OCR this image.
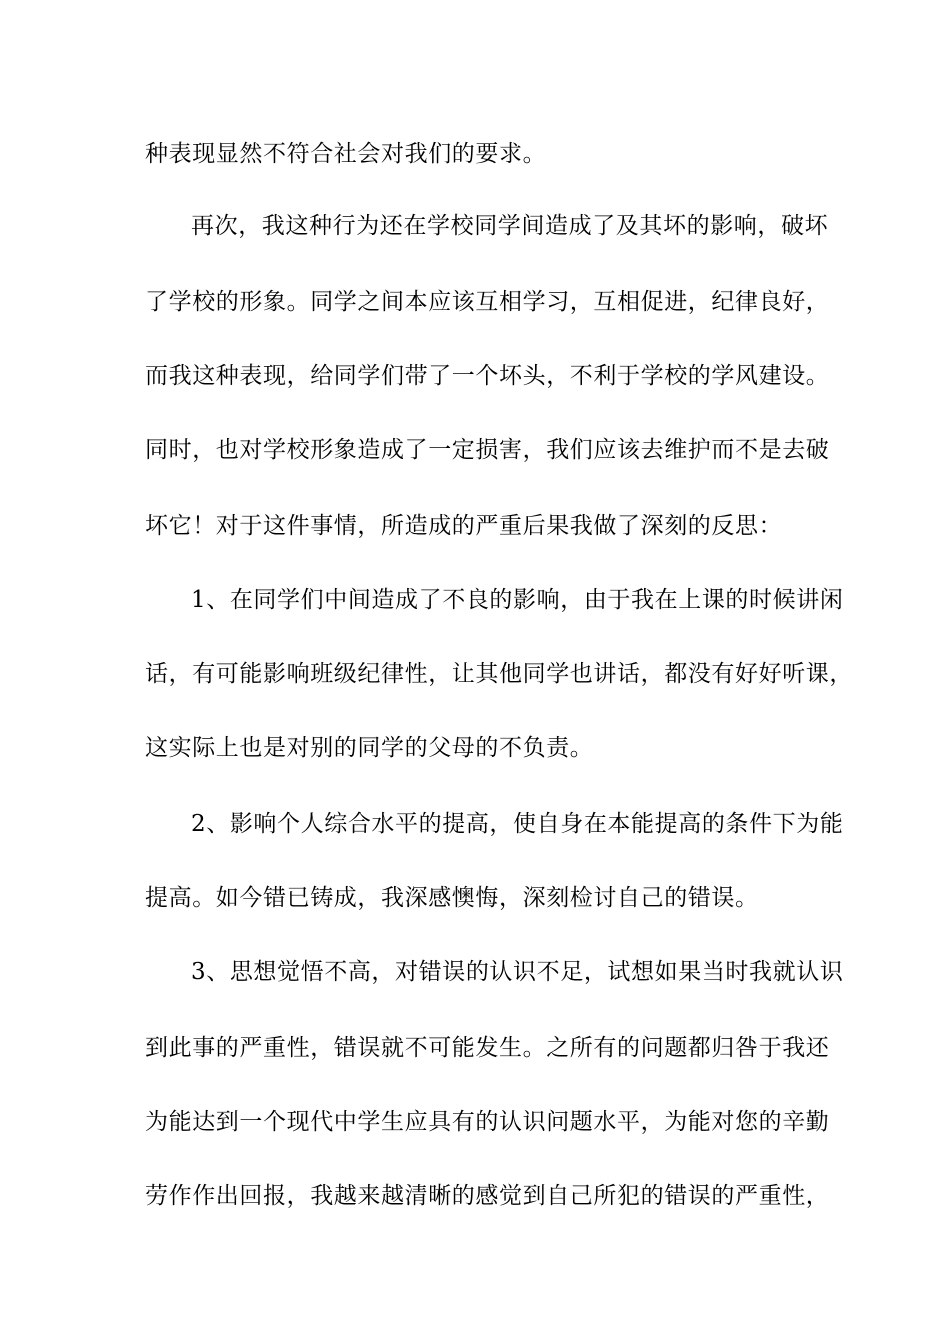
种表现显然不符合社会对我们的要求。
再次，我这种行为还在学校同学间造成了及其坏的影响，破坏
了学校的形象。同学之间本应该互相学习，互相促进，纪律良好，
而我这种表现，给同学们带了一个坏头，不利于学校的学风建设。
同时，也对学校形象造成了一定损害，我们应该去维护而不是去破
坏它！对于这件事情，所造成的严重后果我做了深刻的反思：
1、在同学们中间造成了不良的影响，由于我在上课的时候讲闲
话，有可能影响班级纪律性，让其他同学也讲话，都没有好好听课，
这实际上也是对别的同学的父母的不负责。
2、影响个人综合水平的提高，使自身在本能提高的条件下为能
提高。如今错已铸成，我深感懊悔，深刻检讨自己的错误。
3、思想觉悟不高，对错误的认识不足，试想如果当时我就认识
到此事的严重性，错误就不可能发生。之所有的问题都归咎于我还
为能达到一个现代中学生应具有的认识问题水平，为能对您的辛勤
劳作作出回报，我越来越清晰的感觉到自己所犯的错误的严重性，
